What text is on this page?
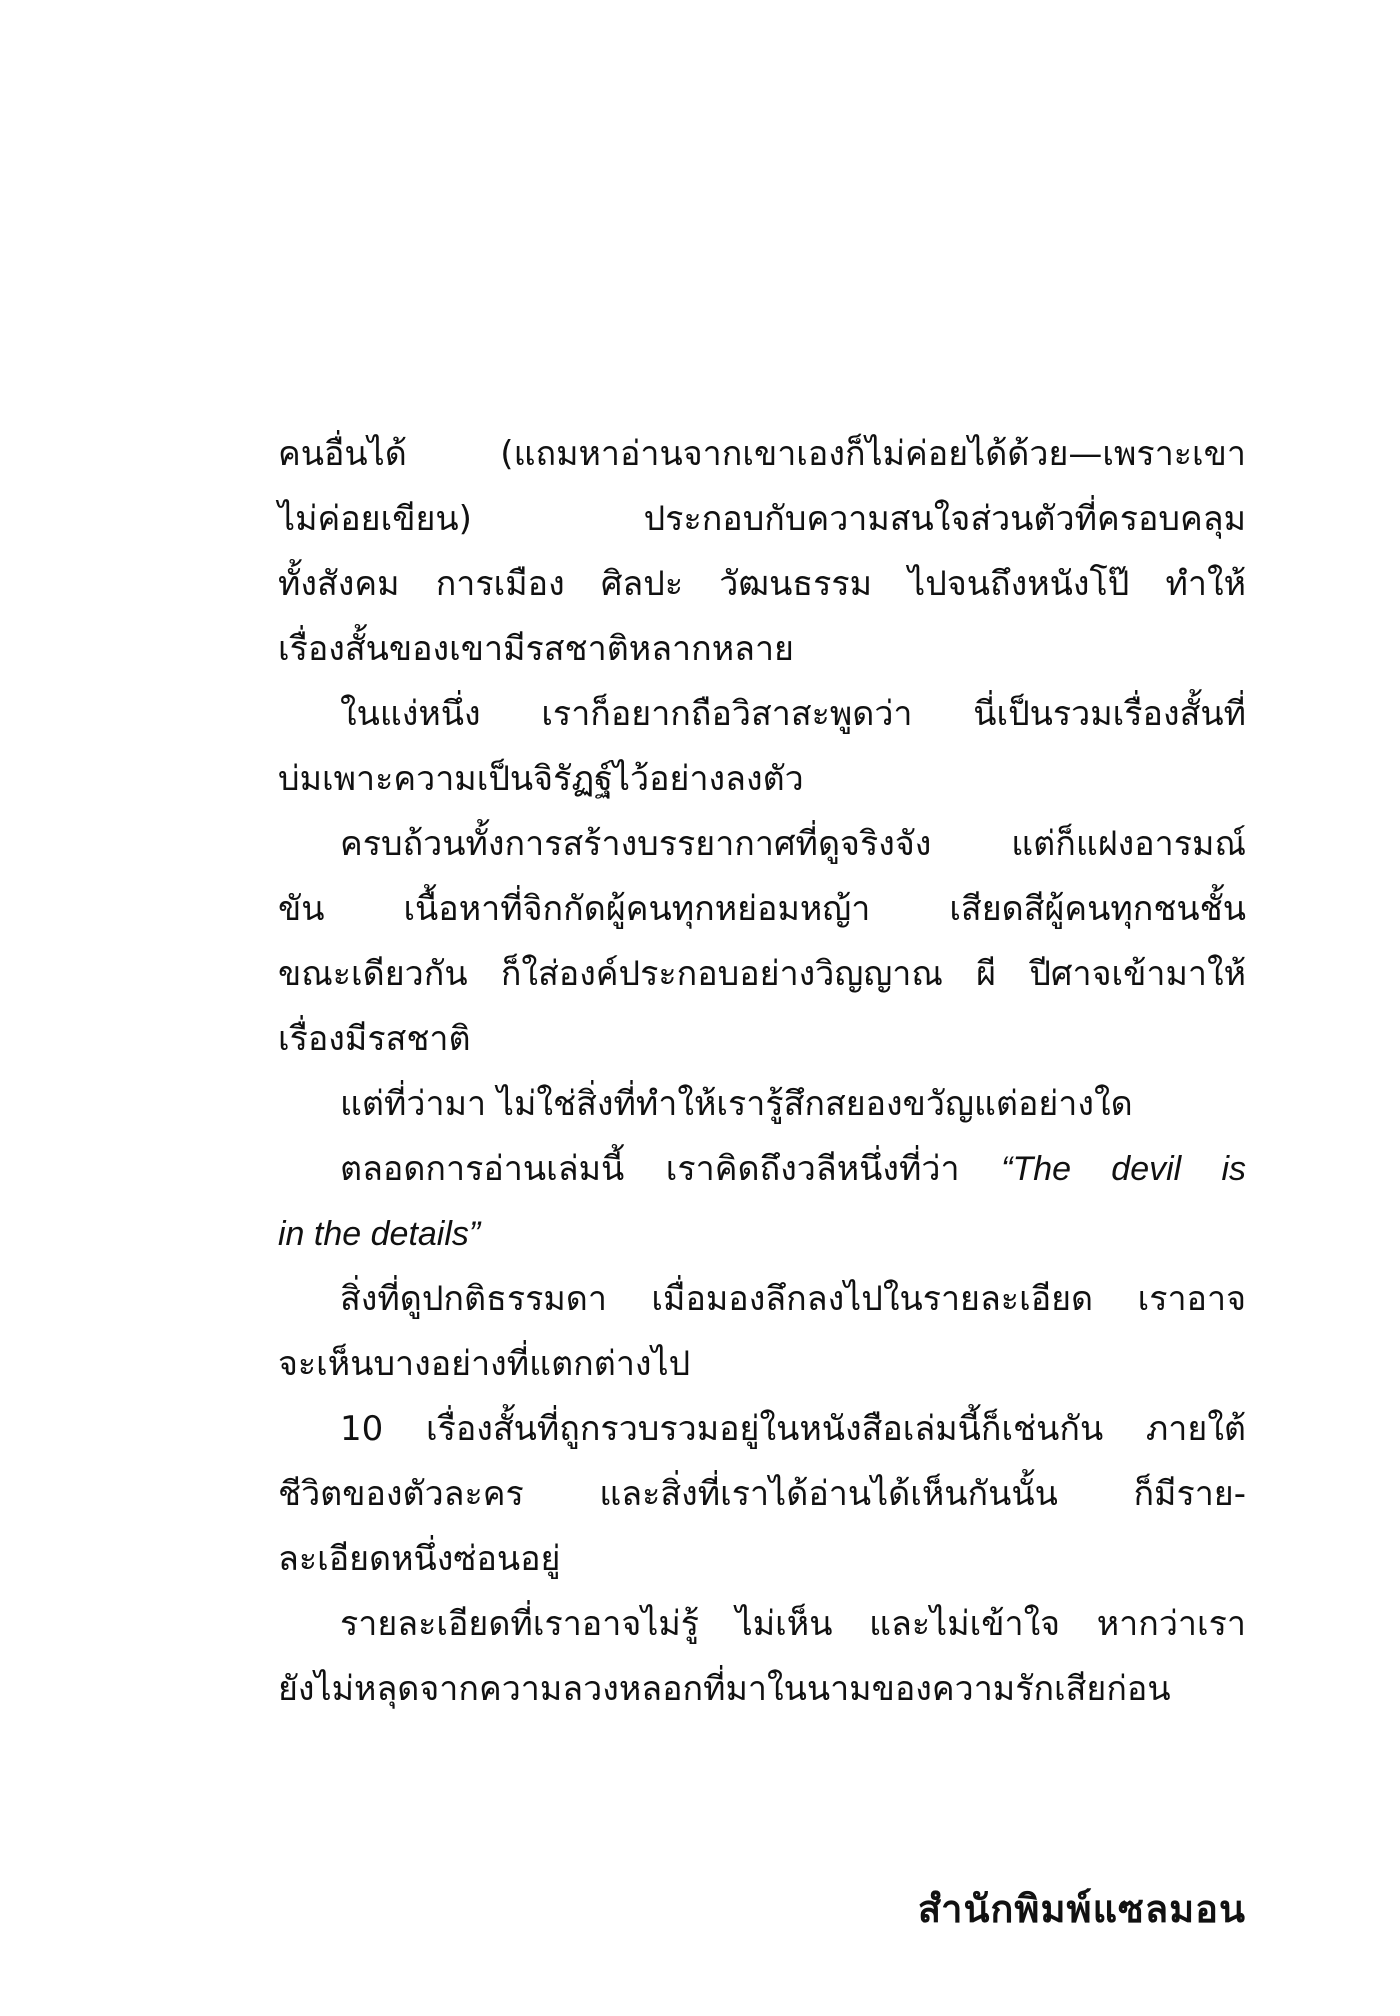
คนอื่นได้ (แถมหาอ่านจากเขาเองก็ไม่ค่อยได้ด้วย—เพราะเขา
ไม่ค่อยเขียน) ประกอบกับความสนใจส่วนตัวที่ครอบคลุม
ทั้งสังคม การเมือง ศิลปะ วัฒนธรรม ไปจนถึงหนังโป๊ ทำให้
เรื่องสั้นของเขามีรสชาติหลากหลาย
ในแง่หนึ่ง เราก็อยากถือวิสาสะพูดว่า นี่เป็นรวมเรื่องสั้นที่
บ่มเพาะความเป็นจิรัฏฐ์ไว้อย่างลงตัว
ครบถ้วนทั้งการสร้างบรรยากาศที่ดูจริงจัง แต่ก็แฝงอารมณ์
ขัน เนื้อหาที่จิกกัดผู้คนทุกหย่อมหญ้า เสียดสีผู้คนทุกชนชั้น
ขณะเดียวกัน ก็ใส่องค์ประกอบอย่างวิญญาณ ผี ปีศาจเข้ามาให้
เรื่องมีรสชาติ
แต่ที่ว่ามา ไม่ใช่สิ่งที่ทำให้เรารู้สึกสยองขวัญแต่อย่างใด
ตลอดการอ่านเล่มนี้ เราคิดถึงวลีหนึ่งที่ว่า “The devil is
in the details”
สิ่งที่ดูปกติธรรมดา เมื่อมองลึกลงไปในรายละเอียด เราอาจ
จะเห็นบางอย่างที่แตกต่างไป
10 เรื่องสั้นที่ถูกรวบรวมอยู่ในหนังสือเล่มนี้ก็เช่นกัน ภายใต้
ชีวิตของตัวละคร และสิ่งที่เราได้อ่านได้เห็นกันนั้น ก็มีราย-
ละเอียดหนึ่งซ่อนอยู่
รายละเอียดที่เราอาจไม่รู้ ไม่เห็น และไม่เข้าใจ หากว่าเรา
ยังไม่หลุดจากความลวงหลอกที่มาในนามของความรักเสียก่อน
สำนักพิมพ์แซลมอน
